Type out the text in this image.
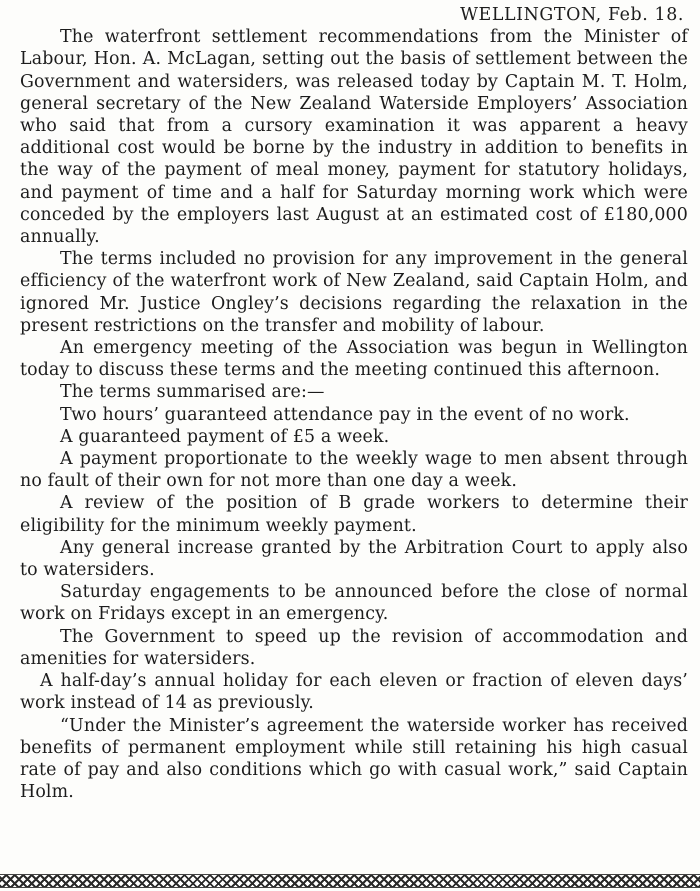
WELLINGTON, Feb. 18.

The waterfront settlement recommendations from the Minister of Labour, Hon. A. McLagan, setting out the basis of settlement between the Government and watersiders, was released today by Captain M. T. Holm, general secretary of the New Zealand Waterside Employers’ Association who said that from a cursory examination it was apparent a heavy additional cost would be borne by the industry in addition to benefits in the way of the payment of meal money, payment for statutory holidays, and payment of time and a half for Saturday morning work which were conceded by the employers last August at an estimated cost of £180,000 annually.

The terms included no provision for any improvement in the general efficiency of the waterfront work of New Zealand, said Captain Holm, and ignored Mr. Justice Ongley’s decisions regarding the relaxation in the present restrictions on the transfer and mobility of labour.

An emergency meeting of the Association was begun in Wellington today to discuss these terms and the meeting continued this afternoon.

The terms summarised are:—

Two hours’ guaranteed attendance pay in the event of no work.

A guaranteed payment of £5 a week.

A payment proportionate to the weekly wage to men absent through no fault of their own for not more than one day a week.

A review of the position of B grade workers to determine their eligibility for the minimum weekly payment.

Any general increase granted by the Arbitration Court to apply also to watersiders.

Saturday engagements to be announced before the close of normal work on Fridays except in an emergency.

The Government to speed up the revision of accommodation and amenities for watersiders.

A half-day’s annual holiday for each eleven or fraction of eleven days’ work instead of 14 as previously.

“Under the Minister’s agreement the waterside worker has received benefits of permanent employment while still retaining his high casual rate of pay and also conditions which go with casual work,” said Captain Holm.
